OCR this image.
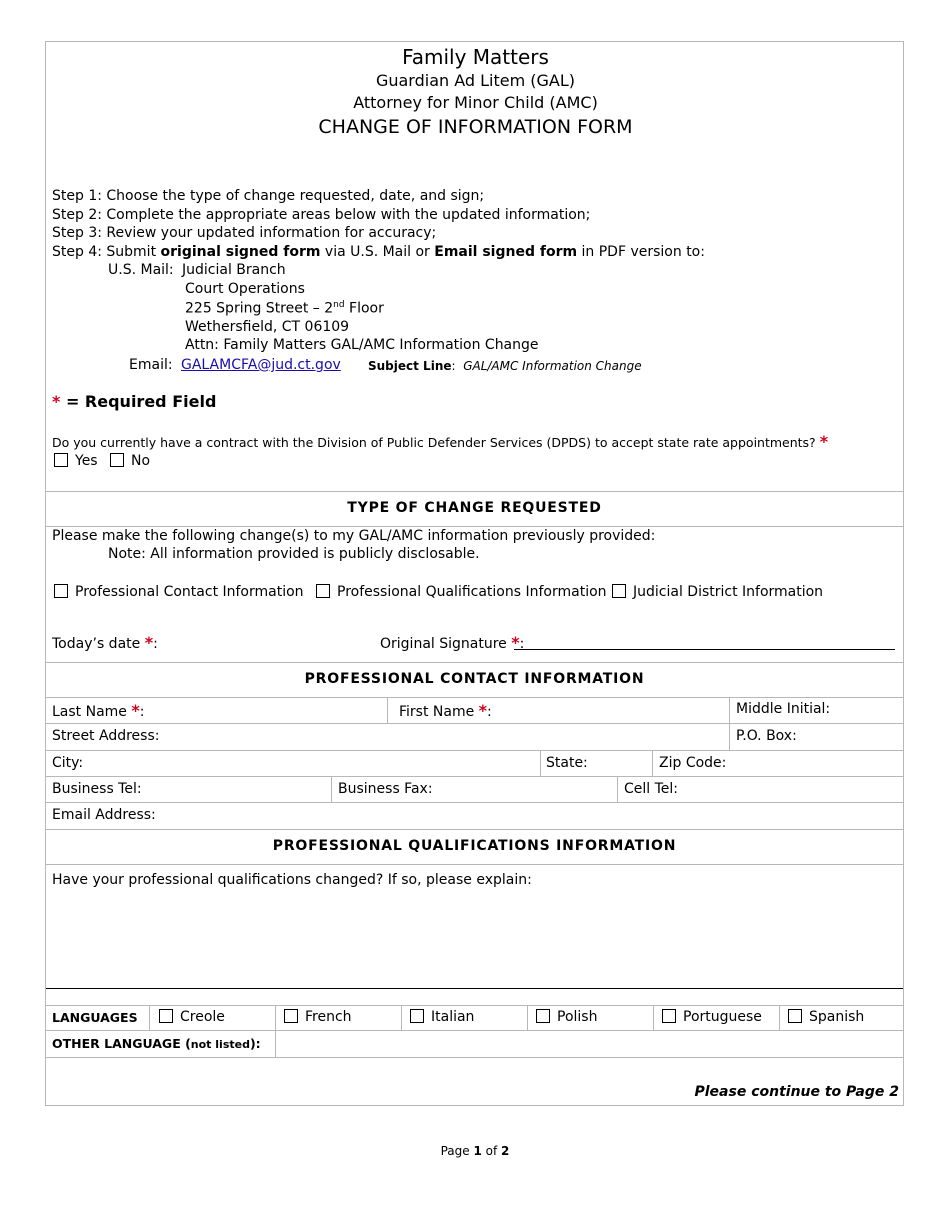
Family Matters
Guardian Ad Litem (GAL)
Attorney for Minor Child (AMC)
CHANGE OF INFORMATION FORM
Step 1: Choose the type of change requested, date, and sign;
Step 2: Complete the appropriate areas below with the updated information;
Step 3: Review your updated information for accuracy;
Step 4: Submit original signed form via U.S. Mail or Email signed form in PDF version to:
U.S. Mail: Judicial Branch
Court Operations
225 Spring Street – 2nd Floor
Wethersfield, CT 06109
Attn: Family Matters GAL/AMC Information Change
Email: GALAMCFA@jud.ct.gov Subject Line: GAL/AMC Information Change
* = Required Field
Do you currently have a contract with the Division of Public Defender Services (DPDS) to accept state rate appointments? *
Yes	No
TYPE OF CHANGE REQUESTED
Please make the following change(s) to my GAL/AMC information previously provided:
Note: All information provided is publicly disclosable.
Professional Contact Information	Professional Qualifications Information	Judicial District Information
Today’s date *:	Original Signature *:
PROFESSIONAL CONTACT INFORMATION
Last Name *:	First Name *:	Middle Initial:
Street Address:	P.O. Box:
City:	State:	Zip Code:
Business Tel:	Business Fax:	Cell Tel:
Email Address:
PROFESSIONAL QUALIFICATIONS INFORMATION
Have your professional qualifications changed? If so, please explain:
LANGUAGES	Creole	French	Italian	Polish	Portuguese	Spanish
OTHER LANGUAGE (not listed):
Please continue to Page 2
Page 1 of 2
